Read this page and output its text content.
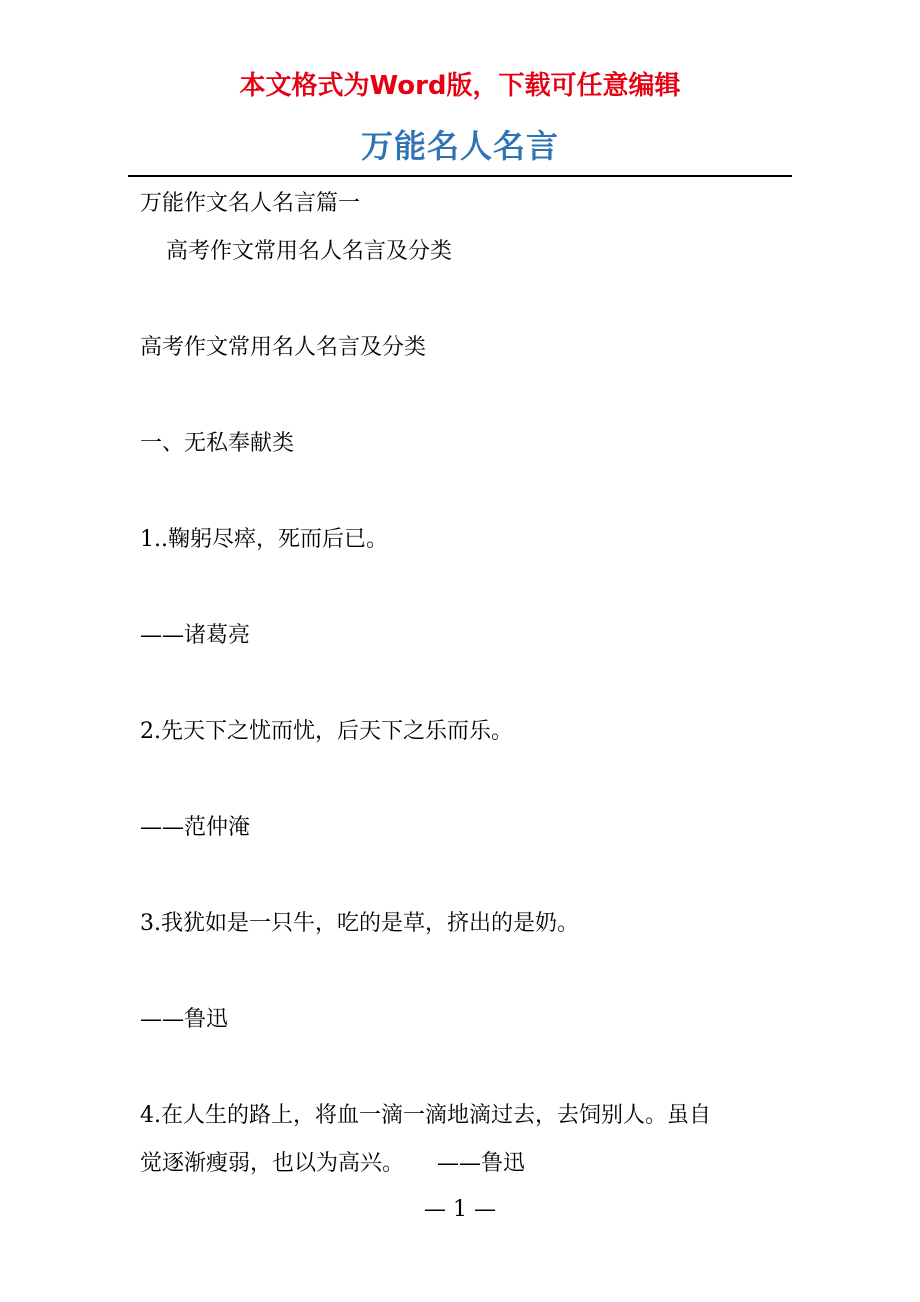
本文格式为Word版，下载可任意编辑
万能名人名言
万能作文名人名言篇一
高考作文常用名人名言及分类
高考作文常用名人名言及分类
一、无私奉献类
1..鞠躬尽瘁，死而后已。
——诸葛亮
2.先天下之忧而忧，后天下之乐而乐。
——范仲淹
3.我犹如是一只牛，吃的是草，挤出的是奶。
——鲁迅
4.在人生的路上，将血一滴一滴地滴过去，去饲别人。虽自
觉逐渐瘦弱，也以为高兴。　　——鲁迅
— 1 —
